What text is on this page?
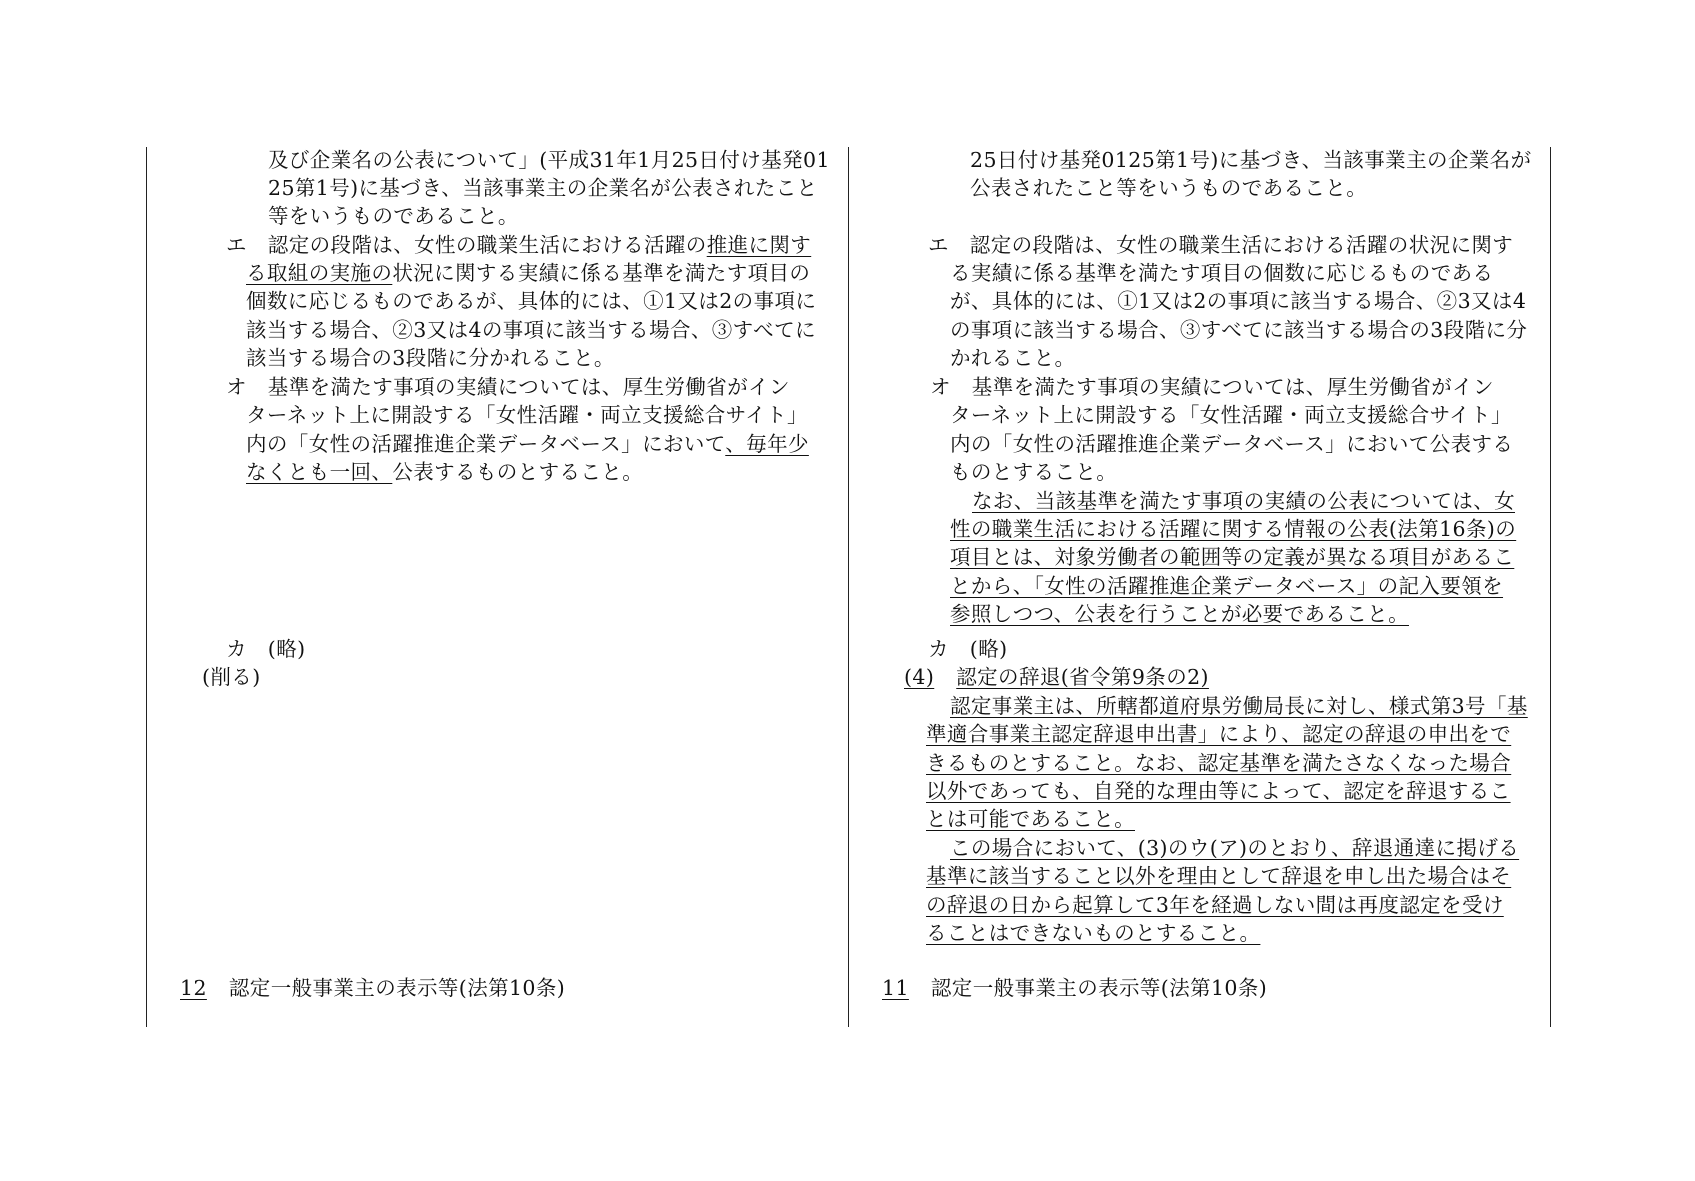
及び企業名の公表について」(平成31年1月25日付け基発01
25第1号)に基づき、当該事業主の企業名が公表されたこと
等をいうものであること。
エ　認定の段階は、女性の職業生活における活躍の推進に関す
る取組の実施の状況に関する実績に係る基準を満たす項目の
個数に応じるものであるが、具体的には、①1又は2の事項に
該当する場合、②3又は4の事項に該当する場合、③すべてに
該当する場合の3段階に分かれること。
オ　基準を満たす事項の実績については、厚生労働省がイン
ターネット上に開設する「女性活躍・両立支援総合サイト」
内の「女性の活躍推進企業データベース」において、毎年少
なくとも一回、公表するものとすること。
カ　(略)
(削る)
12 認定一般事業主の表示等(法第10条)
25日付け基発0125第1号)に基づき、当該事業主の企業名が
公表されたこと等をいうものであること。
エ　認定の段階は、女性の職業生活における活躍の状況に関す
る実績に係る基準を満たす項目の個数に応じるものである
が、具体的には、①1又は2の事項に該当する場合、②3又は4
の事項に該当する場合、③すべてに該当する場合の3段階に分
かれること。
オ　基準を満たす事項の実績については、厚生労働省がイン
ターネット上に開設する「女性活躍・両立支援総合サイト」
内の「女性の活躍推進企業データベース」において公表する
ものとすること。
なお、当該基準を満たす事項の実績の公表については、女
性の職業生活における活躍に関する情報の公表(法第16条)の
項目とは、対象労働者の範囲等の定義が異なる項目があるこ
とから、「女性の活躍推進企業データベース」の記入要領を
参照しつつ、公表を行うことが必要であること。
カ　(略)
(4) 認定の辞退(省令第9条の2)
認定事業主は、所轄都道府県労働局長に対し、様式第3号「基
準適合事業主認定辞退申出書」により、認定の辞退の申出をで
きるものとすること。なお、認定基準を満たさなくなった場合
以外であっても、自発的な理由等によって、認定を辞退するこ
とは可能であること。
この場合において、(3)のウ(ア)のとおり、辞退通達に掲げる
基準に該当すること以外を理由として辞退を申し出た場合はそ
の辞退の日から起算して3年を経過しない間は再度認定を受け
ることはできないものとすること。
11 認定一般事業主の表示等(法第10条)
